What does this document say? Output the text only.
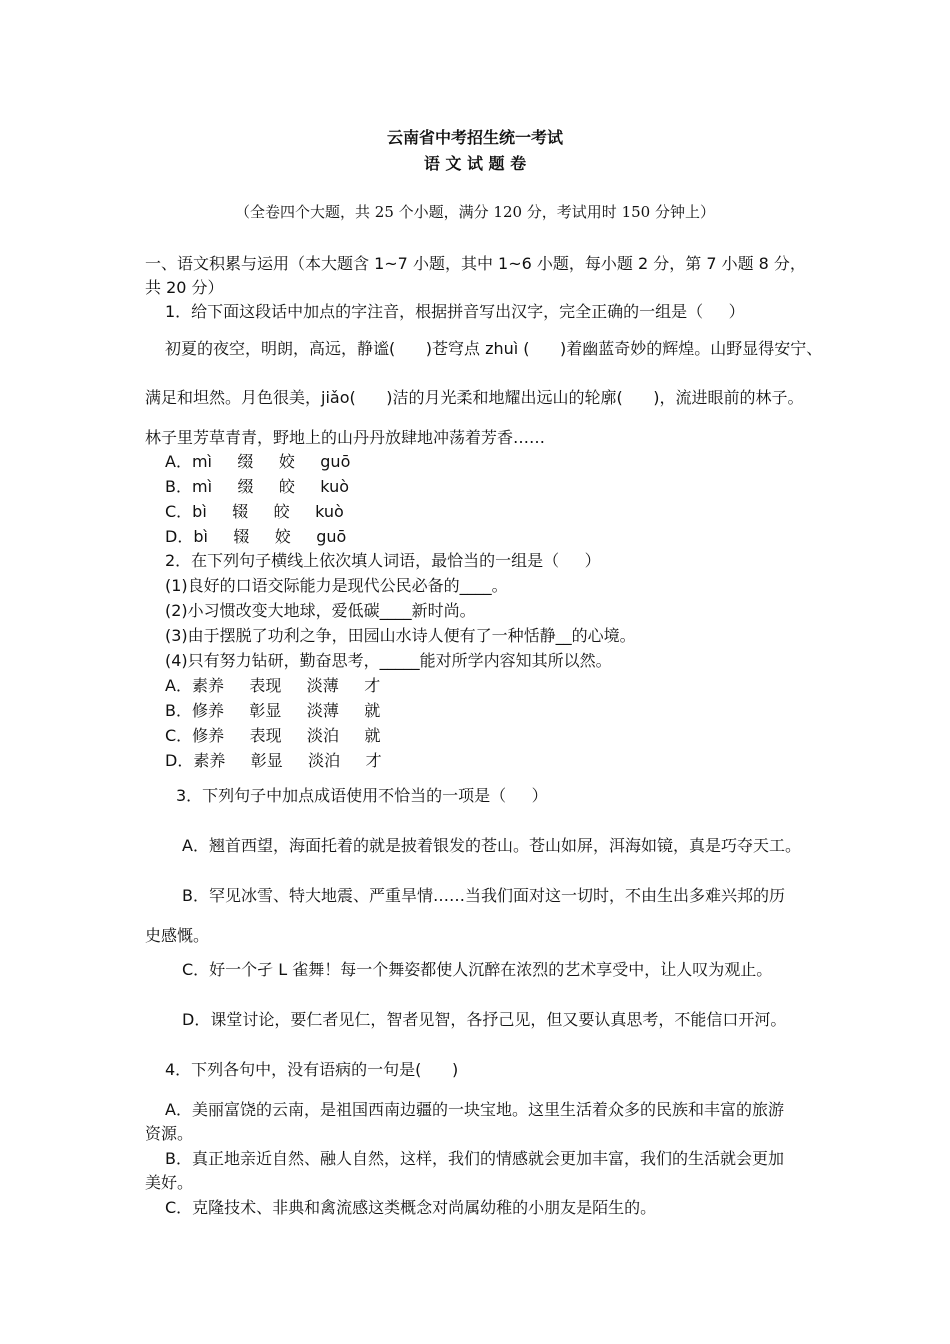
云南省中考招生统一考试
语 文 试 题 卷
（全卷四个大题，共 25 个小题，满分 120 分，考试用时 150 分钟上）
一、语文积累与运用（本大题含 1~7 小题，其中 1~6 小题，每小题 2 分，第 7 小题 8 分，
共 20 分）
1．给下面这段话中加点的字注音，根据拼音写出汉字，完全正确的一组是（     ）
初夏的夜空，明朗，高远，静谧(      )苍穹点 zhuì (      )着幽蓝奇妙的辉煌。山野显得安宁、
满足和坦然。月色很美，jiǎo(      )洁的月光柔和地耀出远山的轮廓(      )，流进眼前的林子。
林子里芳草青青，野地上的山丹丹放肆地冲荡着芳香……
A．mì     缀     姣     guō
B．mì     缀     皎     kuò
C．bì     辍     皎     kuò
D．bì     辍     姣     guō
2．在下列句子横线上依次填人词语，最恰当的一组是（     ）
(1)良好的口语交际能力是现代公民必备的____。
(2)小习惯改变大地球，爱低碳____新时尚。
(3)由于摆脱了功利之争，田园山水诗人便有了一种恬静__的心境。
(4)只有努力钻研，勤奋思考，_____能对所学内容知其所以然。
A．素养     表现     淡薄     才
B．修养     彰显     淡薄     就
C．修养     表现     淡泊     就
D．素养     彰显     淡泊     才
3．下列句子中加点成语使用不恰当的一项是（     ）
A．翘首西望，海面托着的就是披着银发的苍山。苍山如屏，洱海如镜，真是巧夺天工。
B．罕见冰雪、特大地震、严重旱情……当我们面对这一切时，不由生出多难兴邦的历
史感慨。
C．好一个孑 L 雀舞！每一个舞姿都使人沉醉在浓烈的艺术享受中，让人叹为观止。
D．课堂讨论，要仁者见仁，智者见智，各抒己见，但又要认真思考，不能信口开河。
4．下列各句中，没有语病的一句是(      )
A．美丽富饶的云南，是祖国西南边疆的一块宝地。这里生活着众多的民族和丰富的旅游
资源。
B．真正地亲近自然、融人自然，这样，我们的情感就会更加丰富，我们的生活就会更加
美好。
C．克隆技术、非典和禽流感这类概念对尚属幼稚的小朋友是陌生的。
